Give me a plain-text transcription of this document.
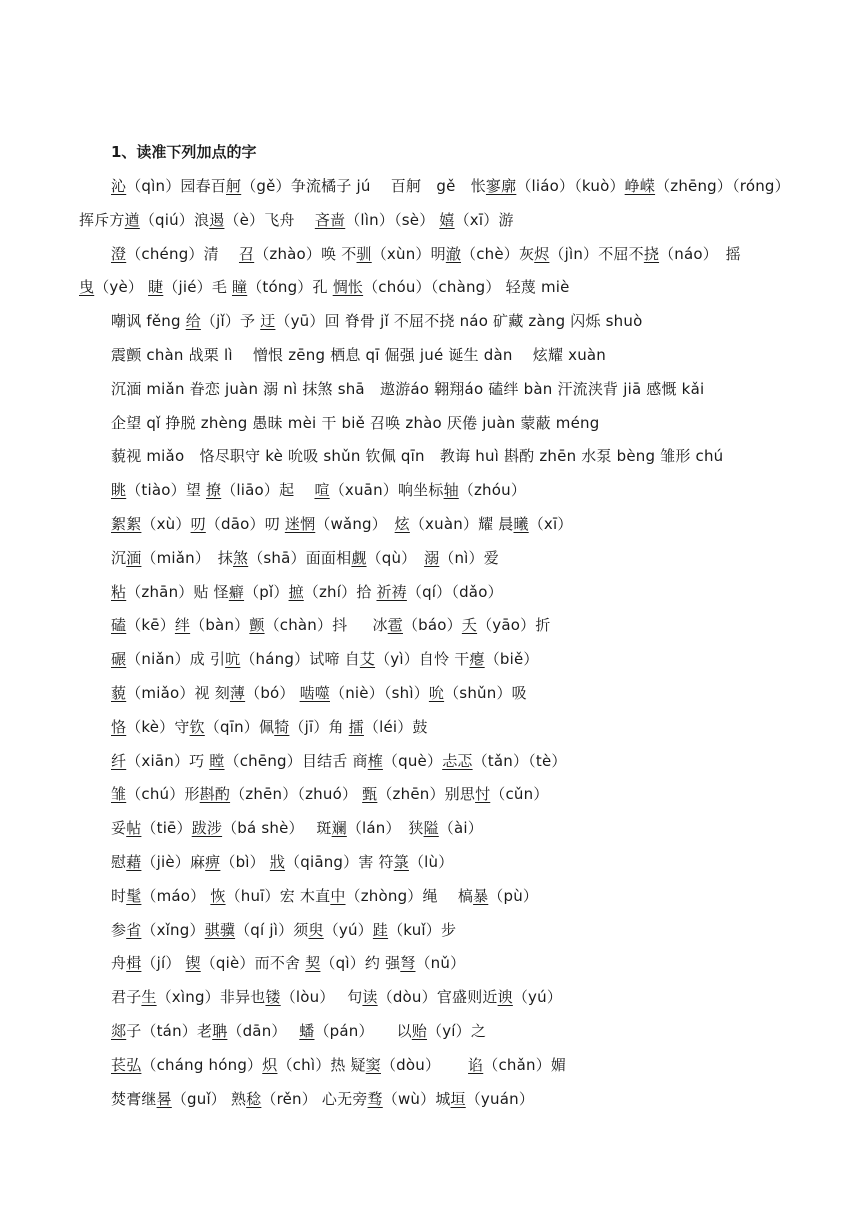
1、读准下列加点的字
沁（qìn）园春百舸（gě）争流橘子 jú　 百舸　gě　怅寥廓（liáo）（kuò）峥嵘（zhēng）（róng）
挥斥方遒（qiú）浪遏（è）飞舟　 吝啬（lìn）（sè） 嬉（xī）游
澄（chéng）清　 召（zhào）唤 不驯（xùn）明澈（chè）灰烬（jìn）不屈不挠（náo）　摇
曳（yè） 睫（jié）毛 瞳（tóng）孔 惆怅（chóu）（chàng） 轻蔑 miè
嘲讽 fěng 给（jǐ）予 迂（yū）回 脊骨 jǐ 不屈不挠 náo 矿藏 zàng 闪烁 shuò
震颤 chàn 战栗 lì　 憎恨 zēng 栖息 qī 倔强 jué 诞生 dàn　 炫耀 xuàn
沉湎 miǎn 眷恋 juàn 溺 nì 抹煞 shā　遨游áo 翱翔áo 磕绊 bàn 汗流浃背 jiā 感慨 kǎi
企望 qǐ 挣脱 zhèng 愚昧 mèi 干 biě 召唤 zhào 厌倦 juàn 蒙蔽 méng
藐视 miǎo　恪尽职守 kè 吮吸 shǔn 钦佩 qīn　教诲 huì 斟酌 zhēn 水泵 bèng 雏形 chú
眺（tiào）望 撩（liāo）起　 喧（xuān）响坐标轴（zhóu）
絮絮（xù）叨（dāo）叨 迷惘（wǎng）　炫（xuàn）耀 晨曦（xī）
沉湎（miǎn）　抹煞（shā）面面相觑（qù）　溺（nì）爱
粘（zhān）贴 怪癖（pǐ）摭（zhí）拾 祈祷（qí）（dǎo）
磕（kē）绊（bàn）颤（chàn）抖 　 冰雹（báo）夭（yāo）折
碾（niǎn）成 引吭（háng）试啼 自艾（yì）自怜 干瘪（biě）
藐（miǎo）视 刻薄（bó） 啮噬（niè）（shì）吮（shǔn）吸
恪（kè）守钦（qīn）佩犄（jī）角 擂（léi）鼓
纤（xiān）巧 瞠（chēng）目结舌 商榷（què）忐忑（tǎn）（tè）
雏（chú）形斟酌（zhēn）（zhuó） 甄（zhēn）别思忖（cǔn）
妥帖（tiē）跋涉（bá shè）　 斑斓（lán）　狭隘（ài）
慰藉（jiè）麻痹（bì） 戕（qiāng）害 符箓（lù）
时髦（máo） 恢（huī）宏 木直中（zhòng）绳　 槁暴（pù）
参省（xǐng）骐骥（qí jì）须臾（yú）跬（kuǐ）步
舟楫（jí） 锲（qiè）而不舍 契（qì）约 强弩（nǔ）
君子生（xìng）非异也镂（lòu）　 句读（dòu）官盛则近谀（yú）
郯子（tán）老聃（dān）　 蟠（pán）　　以贻（yí）之
苌弘（cháng hóng）炽（chì）热 疑窦（dòu）　　 谄（chǎn）媚
焚膏继晷（guǐ） 熟稔（rěn） 心无旁骛（wù）城垣（yuán）
